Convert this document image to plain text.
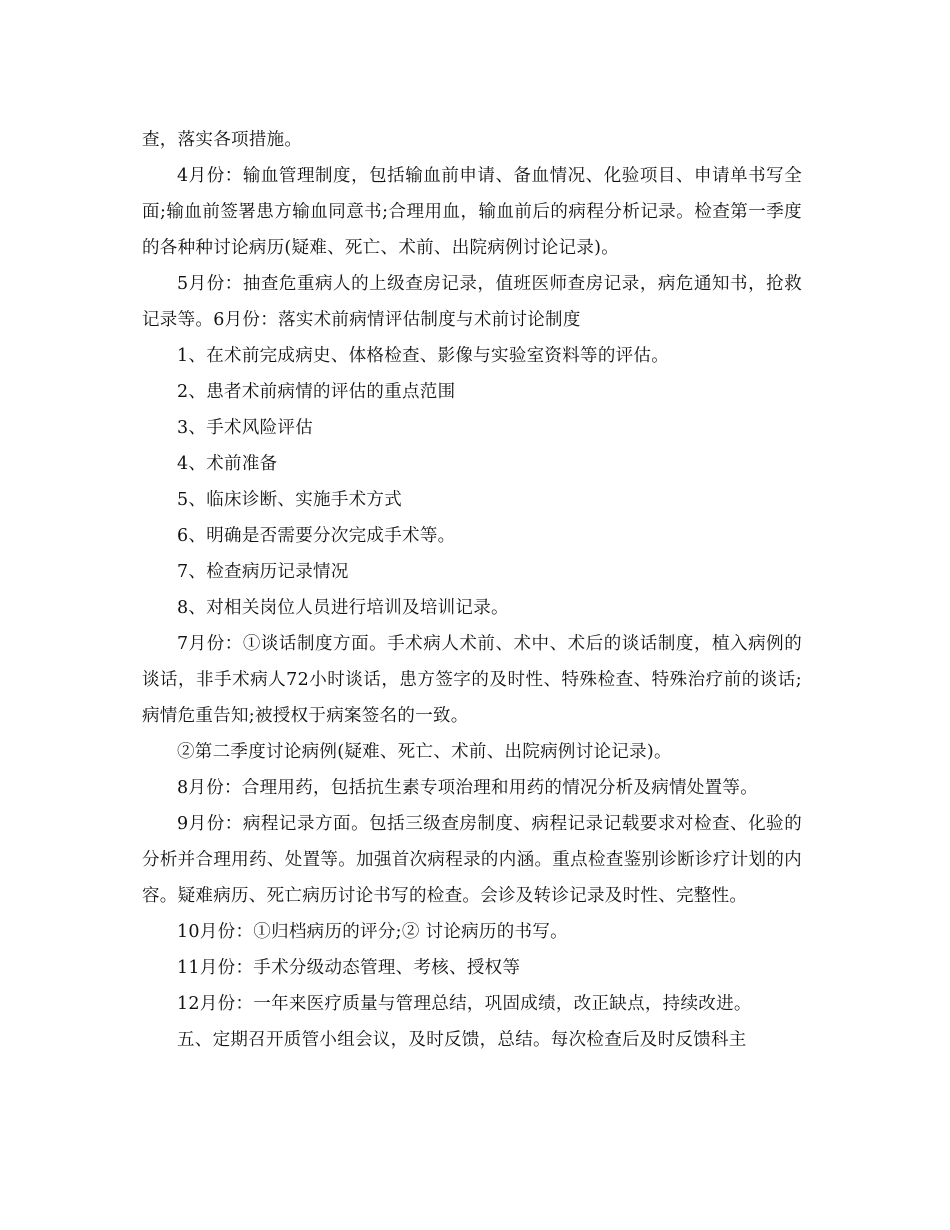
查，落实各项措施。

4月份：输血管理制度，包括输血前申请、备血情况、化验项目、申请单书写全面;输血前签署患方输血同意书;合理用血，输血前后的病程分析记录。检查第一季度的各种种讨论病历(疑难、死亡、术前、出院病例讨论记录)。

5月份：抽查危重病人的上级查房记录，值班医师查房记录，病危通知书，抢救记录等。6月份：落实术前病情评估制度与术前讨论制度

1、在术前完成病史、体格检查、影像与实验室资料等的评估。

2、患者术前病情的评估的重点范围

3、手术风险评估

4、术前准备

5、临床诊断、实施手术方式

6、明确是否需要分次完成手术等。

7、检查病历记录情况

8、对相关岗位人员进行培训及培训记录。

7月份：①谈话制度方面。手术病人术前、术中、术后的谈话制度，植入病例的谈话，非手术病人72小时谈话，患方签字的及时性、特殊检查、特殊治疗前的谈话;病情危重告知;被授权于病案签名的一致。

②第二季度讨论病例(疑难、死亡、术前、出院病例讨论记录)。

8月份：合理用药，包括抗生素专项治理和用药的情况分析及病情处置等。

9月份：病程记录方面。包括三级查房制度、病程记录记载要求对检查、化验的分析并合理用药、处置等。加强首次病程录的内涵。重点检查鉴别诊断诊疗计划的内容。疑难病历、死亡病历讨论书写的检查。会诊及转诊记录及时性、完整性。

10月份：①归档病历的评分;② 讨论病历的书写。

11月份：手术分级动态管理、考核、授权等

12月份：一年来医疗质量与管理总结，巩固成绩，改正缺点，持续改进。

五、定期召开质管小组会议，及时反馈，总结。每次检查后及时反馈科主
